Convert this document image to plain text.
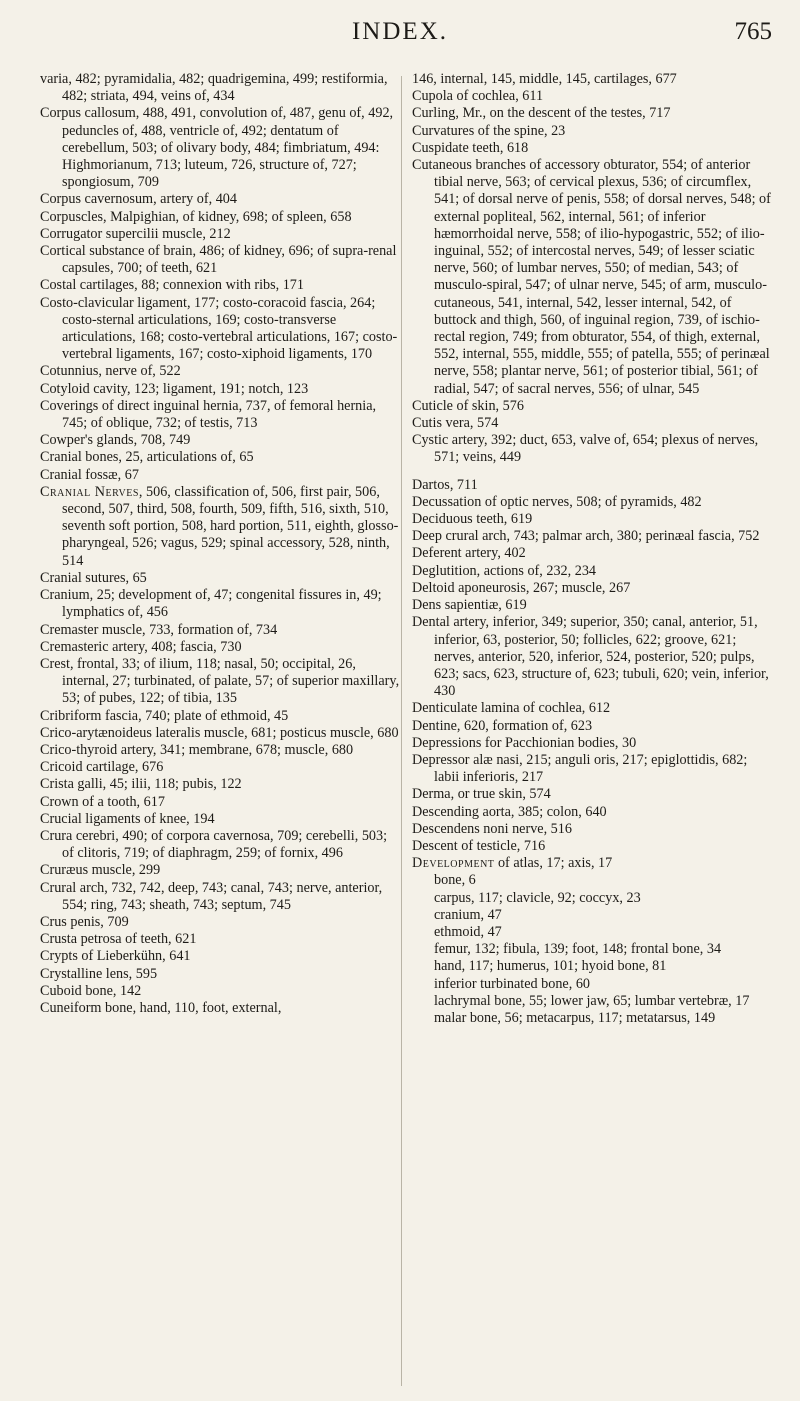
INDEX.	765

varia, 482; pyramidalia, 482; quadrigemina, 499; restiformia, 482; striata, 494, veins of, 434

Corpus callosum, 488, 491, convolution of, 487, genu of, 492, peduncles of, 488, ventricle of, 492; dentatum of cerebellum, 503; of olivary body, 484; fimbriatum, 494: Highmorianum, 713; luteum, 726, structure of, 727; spongiosum, 709

Corpus cavernosum, artery of, 404

Corpuscles, Malpighian, of kidney, 698; of spleen, 658

Corrugator supercilii muscle, 212

Cortical substance of brain, 486; of kidney, 696; of supra-renal capsules, 700; of teeth, 621

Costal cartilages, 88; connexion with ribs, 171

Costo-clavicular ligament, 177; costo-coracoid fascia, 264; costo-sternal articulations, 169; costo-transverse articulations, 168; costo-vertebral articulations, 167; costo-vertebral ligaments, 167; costo-xiphoid ligaments, 170

Cotunnius, nerve of, 522

Cotyloid cavity, 123; ligament, 191; notch, 123

Coverings of direct inguinal hernia, 737, of femoral hernia, 745; of oblique, 732; of testis, 713

Cowper's glands, 708, 749

Cranial bones, 25, articulations of, 65

Cranial fossæ, 67

Cranial Nerves, 506, classification of, 506, first pair, 506, second, 507, third, 508, fourth, 509, fifth, 516, sixth, 510, seventh soft portion, 508, hard portion, 511, eighth, glosso-pharyngeal, 526; vagus, 529; spinal accessory, 528, ninth, 514

Cranial sutures, 65

Cranium, 25; development of, 47; congenital fissures in, 49; lymphatics of, 456

Cremaster muscle, 733, formation of, 734

Cremasteric artery, 408; fascia, 730

Crest, frontal, 33; of ilium, 118; nasal, 50; occipital, 26, internal, 27; turbinated, of palate, 57; of superior maxillary, 53; of pubes, 122; of tibia, 135

Cribriform fascia, 740; plate of ethmoid, 45

Crico-arytænoideus lateralis muscle, 681; posticus muscle, 680

Crico-thyroid artery, 341; membrane, 678; muscle, 680

Cricoid cartilage, 676

Crista galli, 45; ilii, 118; pubis, 122

Crown of a tooth, 617

Crucial ligaments of knee, 194

Crura cerebri, 490; of corpora cavernosa, 709; cerebelli, 503; of clitoris, 719; of diaphragm, 259; of fornix, 496

Cruræus muscle, 299

Crural arch, 732, 742, deep, 743; canal, 743; nerve, anterior, 554; ring, 743; sheath, 743; septum, 745

Crus penis, 709

Crusta petrosa of teeth, 621

Crypts of Lieberkühn, 641

Crystalline lens, 595

Cuboid bone, 142

Cuneiform bone, hand, 110, foot, external,

146, internal, 145, middle, 145, cartilages, 677

Cupola of cochlea, 611

Curling, Mr., on the descent of the testes, 717

Curvatures of the spine, 23

Cuspidate teeth, 618

Cutaneous branches of accessory obturator, 554; of anterior tibial nerve, 563; of cervical plexus, 536; of circumflex, 541; of dorsal nerve of penis, 558; of dorsal nerves, 548; of external popliteal, 562, internal, 561; of inferior hæmorrhoidal nerve, 558; of ilio-hypogastric, 552; of ilio-inguinal, 552; of intercostal nerves, 549; of lesser sciatic nerve, 560; of lumbar nerves, 550; of median, 543; of musculo-spiral, 547; of ulnar nerve, 545; of arm, musculo-cutaneous, 541, internal, 542, lesser internal, 542, of buttock and thigh, 560, of inguinal region, 739, of ischio-rectal region, 749; from obturator, 554, of thigh, external, 552, internal, 555, middle, 555; of patella, 555; of perinæal nerve, 558; plantar nerve, 561; of posterior tibial, 561; of radial, 547; of sacral nerves, 556; of ulnar, 545

Cuticle of skin, 576

Cutis vera, 574

Cystic artery, 392; duct, 653, valve of, 654; plexus of nerves, 571; veins, 449

Dartos, 711

Decussation of optic nerves, 508; of pyramids, 482

Deciduous teeth, 619

Deep crural arch, 743; palmar arch, 380; perinæal fascia, 752

Deferent artery, 402

Deglutition, actions of, 232, 234

Deltoid aponeurosis, 267; muscle, 267

Dens sapientiæ, 619

Dental artery, inferior, 349; superior, 350; canal, anterior, 51, inferior, 63, posterior, 50; follicles, 622; groove, 621; nerves, anterior, 520, inferior, 524, posterior, 520; pulps, 623; sacs, 623, structure of, 623; tubuli, 620; vein, inferior, 430

Denticulate lamina of cochlea, 612

Dentine, 620, formation of, 623

Depressions for Pacchionian bodies, 30

Depressor alæ nasi, 215; anguli oris, 217; epiglottidis, 682; labii inferioris, 217

Derma, or true skin, 574

Descending aorta, 385; colon, 640

Descendens noni nerve, 516

Descent of testicle, 716

Development of atlas, 17; axis, 17

bone, 6

carpus, 117; clavicle, 92; coccyx, 23

cranium, 47

ethmoid, 47

femur, 132; fibula, 139; foot, 148; frontal bone, 34

hand, 117; humerus, 101; hyoid bone, 81

inferior turbinated bone, 60

lachrymal bone, 55; lower jaw, 65; lumbar vertebræ, 17

malar bone, 56; metacarpus, 117; metatarsus, 149
